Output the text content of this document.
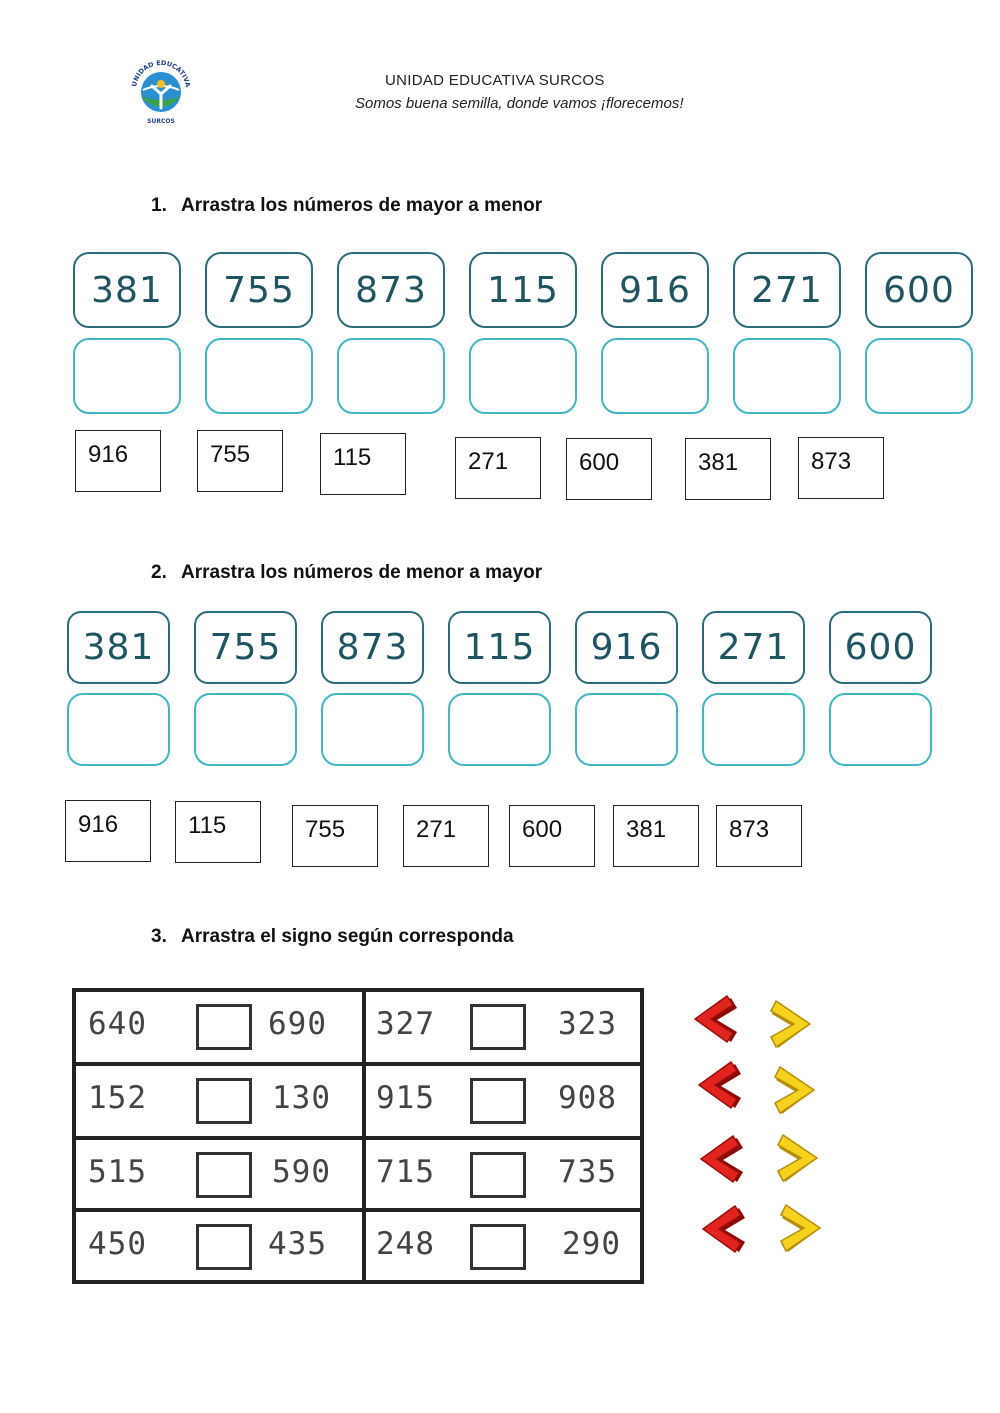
UNIDAD EDUCATIVA
SURCOS
UNIDAD EDUCATIVA SURCOS
Somos buena semilla, donde vamos ¡florecemos!
1. Arrastra los números de mayor a menor
381	755	873	115	916	271	600
916	755	115	271	600	381	873
2. Arrastra los números de menor a mayor
381	755	873	115	916	271	600
916	115	755	271	600	381	873
3. Arrastra el signo según corresponda
640	690 327	323
152	130 915	908
515	590 715	735
450	435 248	290
